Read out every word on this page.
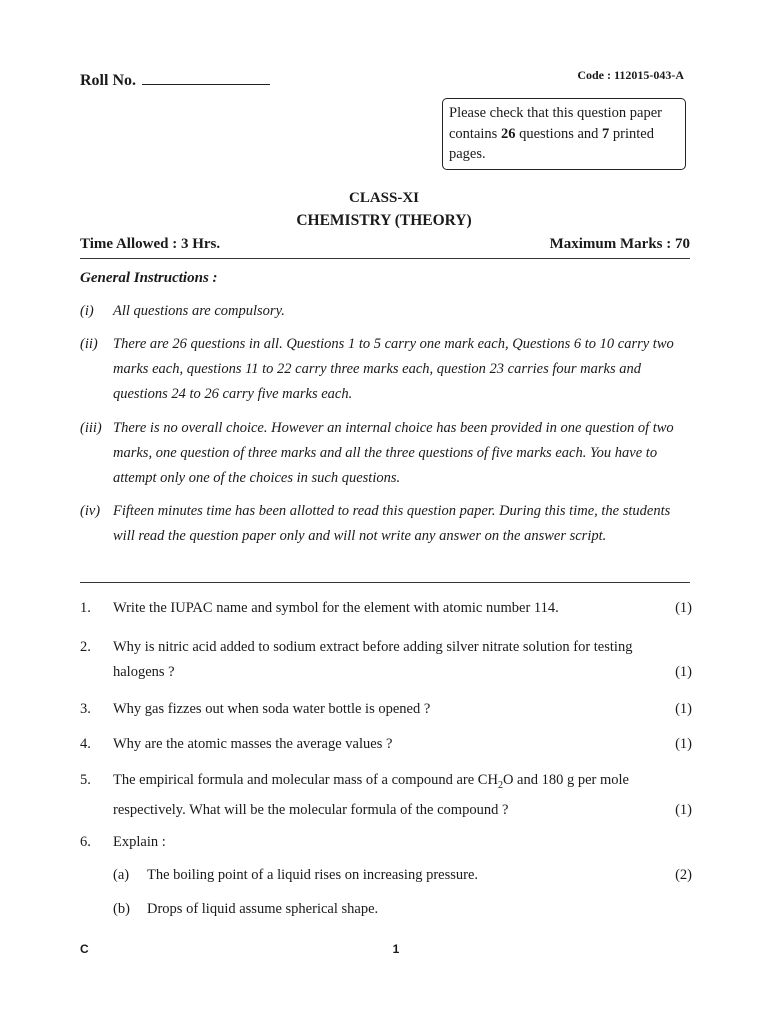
Roll No.	Code : 112015-043-A
Please check that this question paper contains 26 questions and 7 printed pages.
CLASS-XI
CHEMISTRY (THEORY)
Time Allowed : 3 Hrs.	Maximum Marks : 70
General Instructions :
(i) All questions are compulsory.
(ii) There are 26 questions in all. Questions 1 to 5 carry one mark each, Questions 6 to 10 carry two marks each, questions 11 to 22 carry three marks each, question 23 carries four marks and questions 24 to 26 carry five marks each.
(iii) There is no overall choice. However an internal choice has been provided in one question of two marks, one question of three marks and all the three questions of five marks each. You have to attempt only one of the choices in such questions.
(iv) Fifteen minutes time has been allotted to read this question paper. During this time, the students will read the question paper only and will not write any answer on the answer script.
1. Write the IUPAC name and symbol for the element with atomic number 114.	(1)
2. Why is nitric acid added to sodium extract before adding silver nitrate solution for testing halogens ?	(1)
3. Why gas fizzes out when soda water bottle is opened ?	(1)
4. Why are the atomic masses the average values ?	(1)
5. The empirical formula and molecular mass of a compound are $CH_2O$ and 180 g per mole respectively. What will be the molecular formula of the compound ?	(1)
6. Explain :
(a) The boiling point of a liquid rises on increasing pressure.	(2)
(b) Drops of liquid assume spherical shape.
C	1
